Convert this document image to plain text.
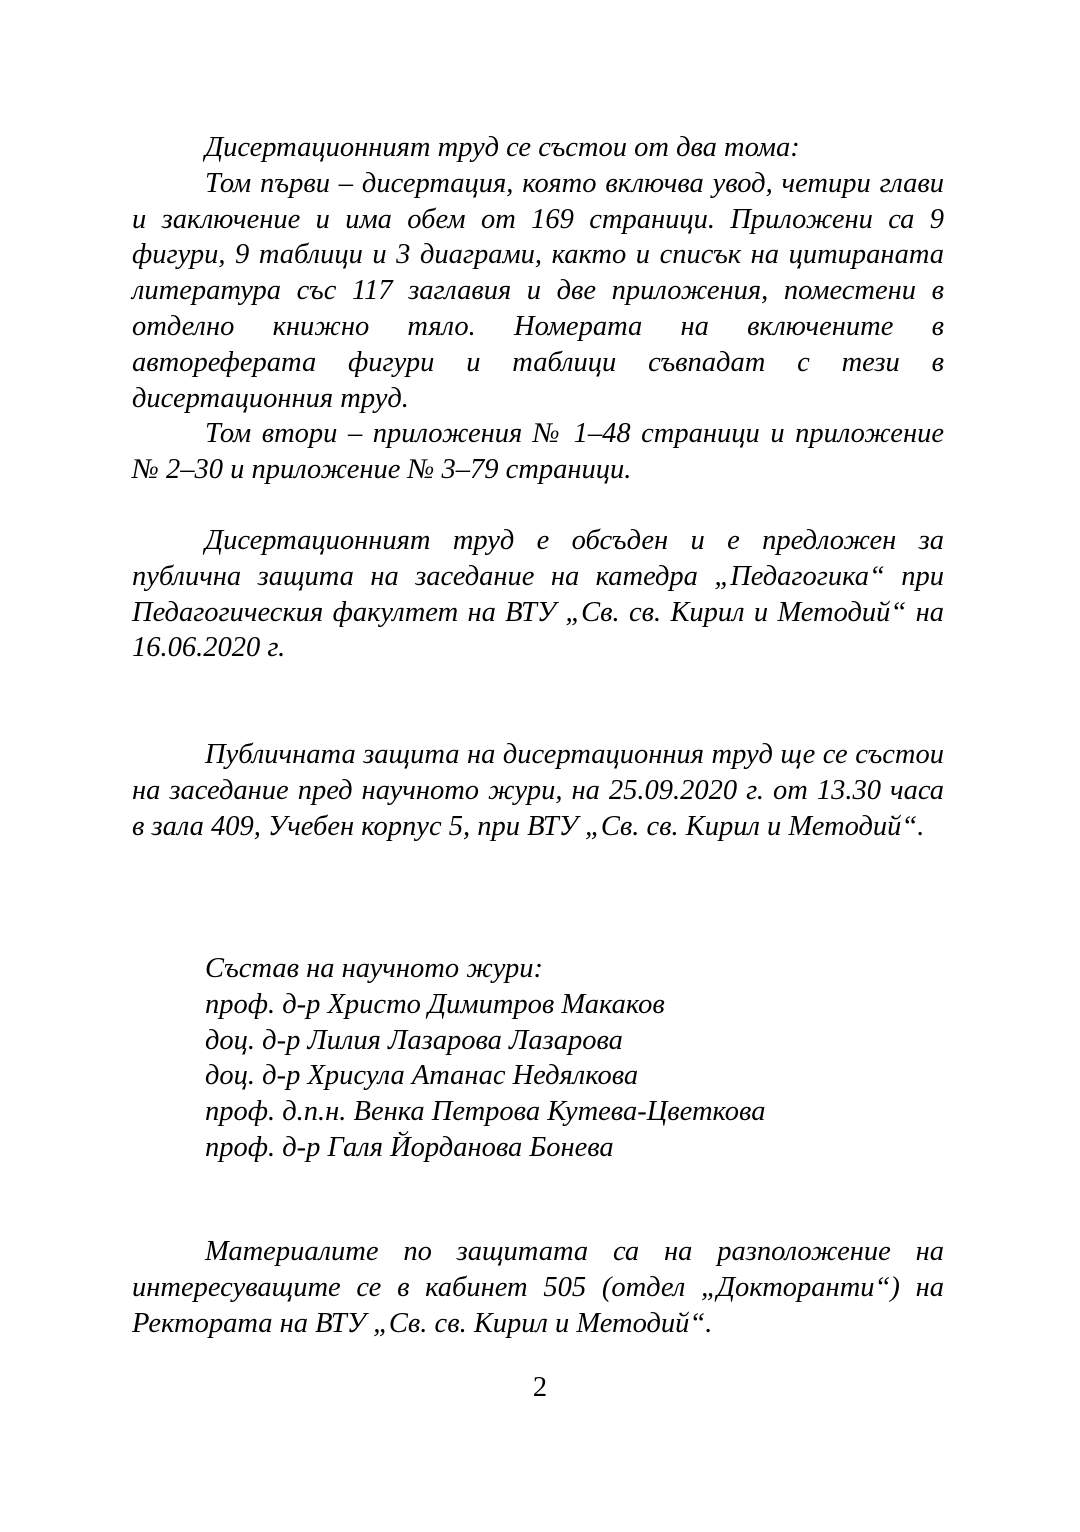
Дисертационният труд се състои от два тома:

Том първи – дисертация, която включва увод, четири глави и заключение и има обем от 169 страници. Приложени са 9 фигури, 9 таблици и 3 диаграми, както и списък на цитираната литература със 117 заглавия и две приложения, поместени в отделно книжно тяло. Номерата на включените в автореферата фигури и таблици съвпадат с тези в дисертационния труд.

Том втори – приложения № 1–48 страници и приложение № 2–30 и приложение № 3–79 страници.

Дисертационният труд е обсъден и е предложен за публична защита на заседание на катедра „Педагогика“ при Педагогическия факултет на ВТУ „Св. св. Кирил и Методий“ на 16.06.2020 г.

Публичната защита на дисертационния труд ще се състои на заседание пред научното жури, на 25.09.2020 г. от 13.30 часа в зала 409, Учебен корпус 5, при ВТУ „Св. св. Кирил и Методий“.

Състав на научното жури:
проф. д-р Христо Димитров Макаков
доц. д-р Лилия Лазарова Лазарова
доц. д-р Хрисула Атанас Недялкова
проф. д.п.н. Венка Петрова Кутева-Цветкова
проф. д-р Галя Йорданова Бонева

Материалите по защитата са на разположение на интересуващите се в кабинет 505 (отдел „Докторанти“) на Ректората на ВТУ „Св. св. Кирил и Методий“.

2
